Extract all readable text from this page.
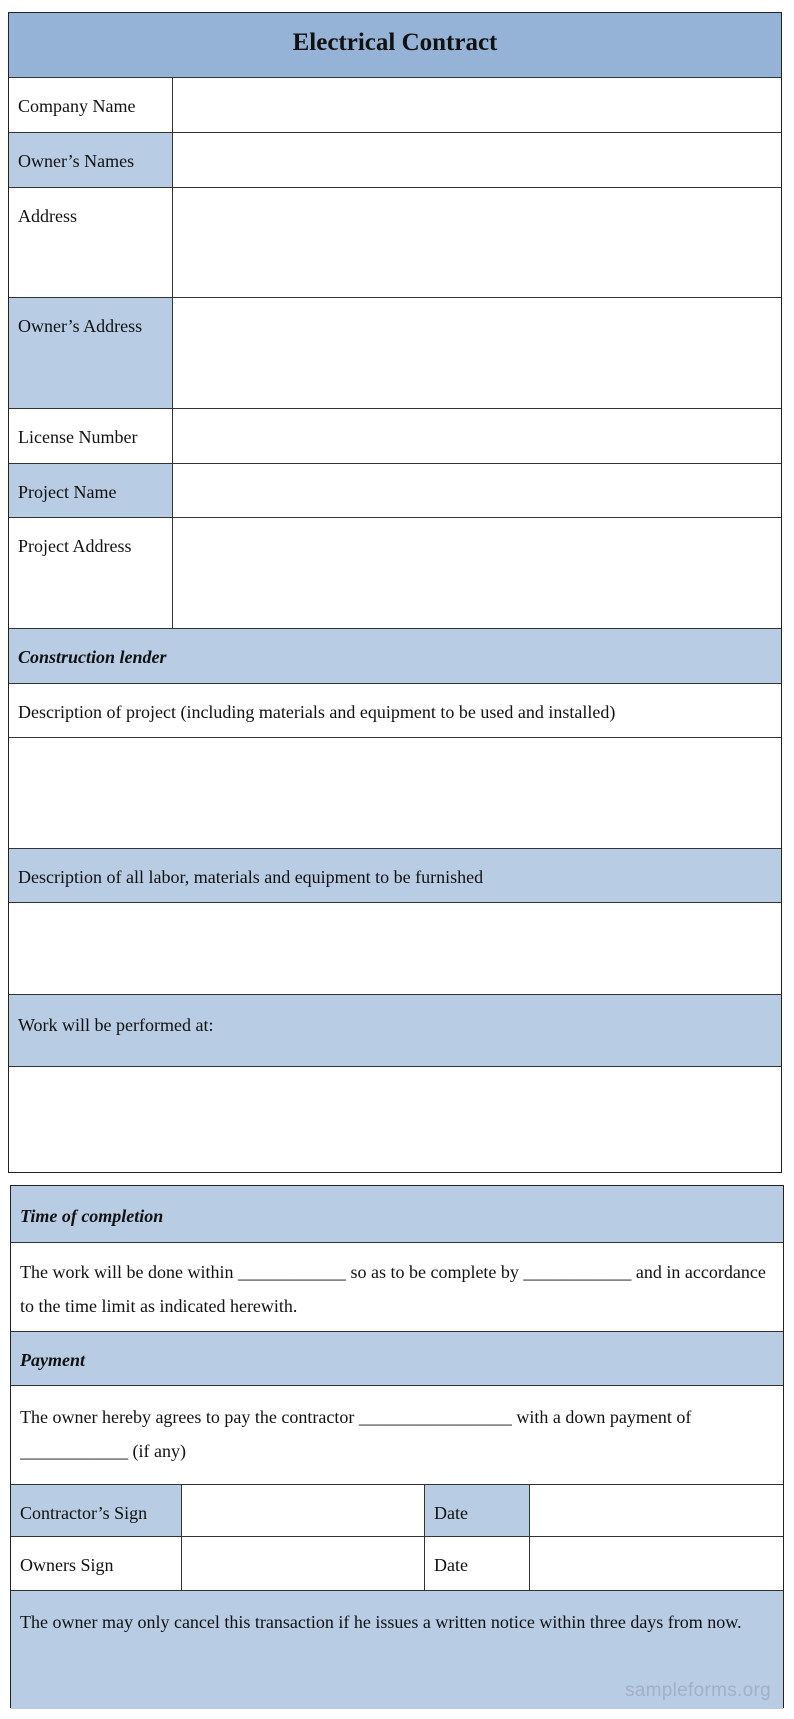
Electrical Contract
Company Name
Owner’s Names
Address
Owner’s Address
License Number
Project Name
Project Address
Construction lender
Description of project (including materials and equipment to be used and installed)
Description of all labor, materials and equipment to be furnished
Work will be performed at:
Time of completion
The work will be done within ____________ so as to be complete by ____________ and in accordance to the time limit as indicated herewith.
Payment
The owner hereby agrees to pay the contractor _________________ with a down payment of ____________ (if any)
Contractor’s Sign	Date
Owners Sign	Date
The owner may only cancel this transaction if he issues a written notice within three days from now.
sampleforms.org
